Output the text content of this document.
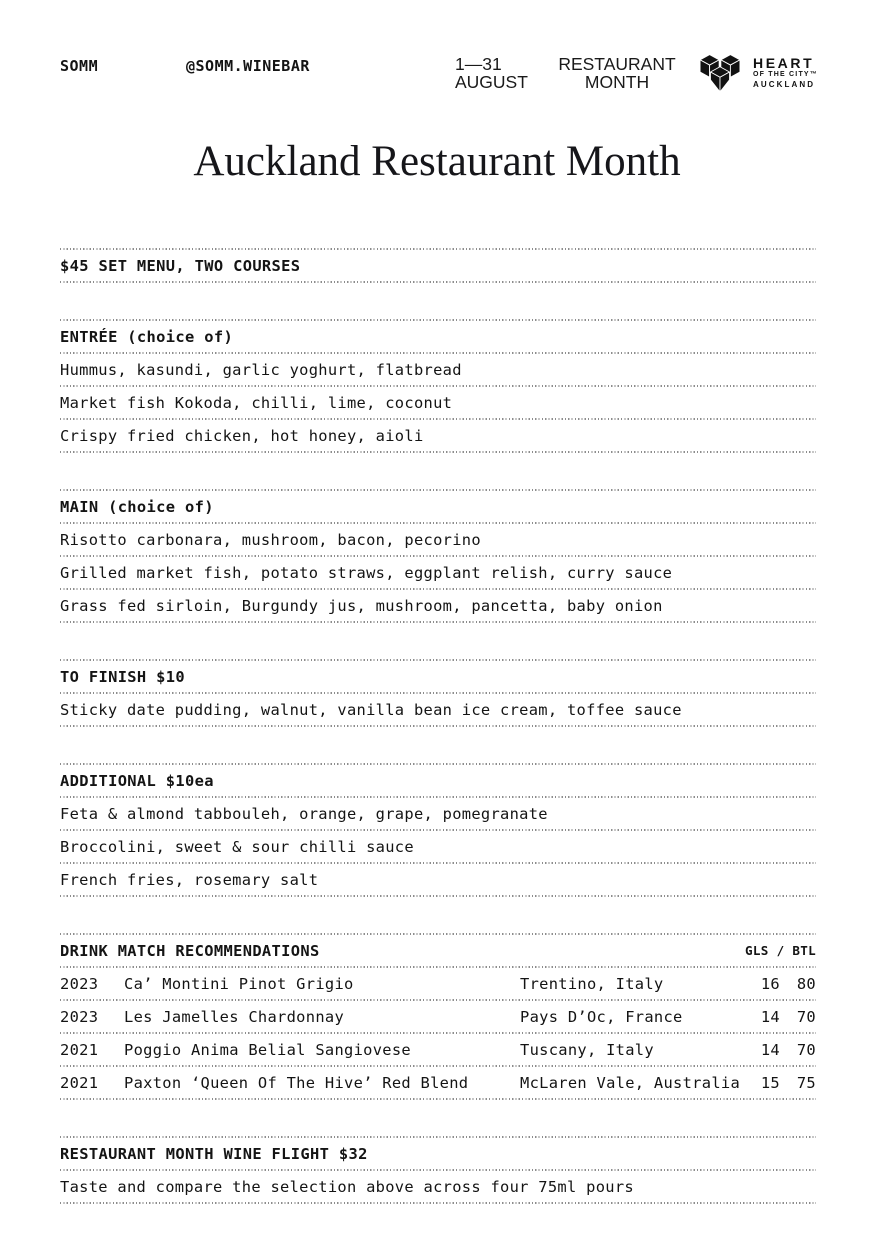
SOMM	@SOMM.WINEBAR	1—31
AUGUST
RESTAURANT
MONTH
HEART
OF THE CITY™
AUCKLAND
Auckland Restaurant Month
$45 SET MENU, TWO COURSES
ENTRÉE (choice of)
Hummus, kasundi, garlic yoghurt, flatbread
Market fish Kokoda, chilli, lime, coconut
Crispy fried chicken, hot honey, aioli
MAIN (choice of)
Risotto carbonara, mushroom, bacon, pecorino
Grilled market fish, potato straws, eggplant relish, curry sauce
Grass fed sirloin, Burgundy jus, mushroom, pancetta, baby onion
TO FINISH $10
Sticky date pudding, walnut, vanilla bean ice cream, toffee sauce
ADDITIONAL $10ea
Feta & almond tabbouleh, orange, grape, pomegranate
Broccolini, sweet & sour chilli sauce
French fries, rosemary salt
DRINK MATCH RECOMMENDATIONS	GLS / BTL
2023	Ca’ Montini Pinot Grigio	Trentino, Italy	16	80
2023	Les Jamelles Chardonnay	Pays D’Oc, France	14	70
2021	Poggio Anima Belial Sangiovese	Tuscany, Italy	14	70
2021	Paxton ‘Queen Of The Hive’ Red Blend	McLaren Vale, Australia	15	75
RESTAURANT MONTH WINE FLIGHT $32
Taste and compare the selection above across four 75ml pours
